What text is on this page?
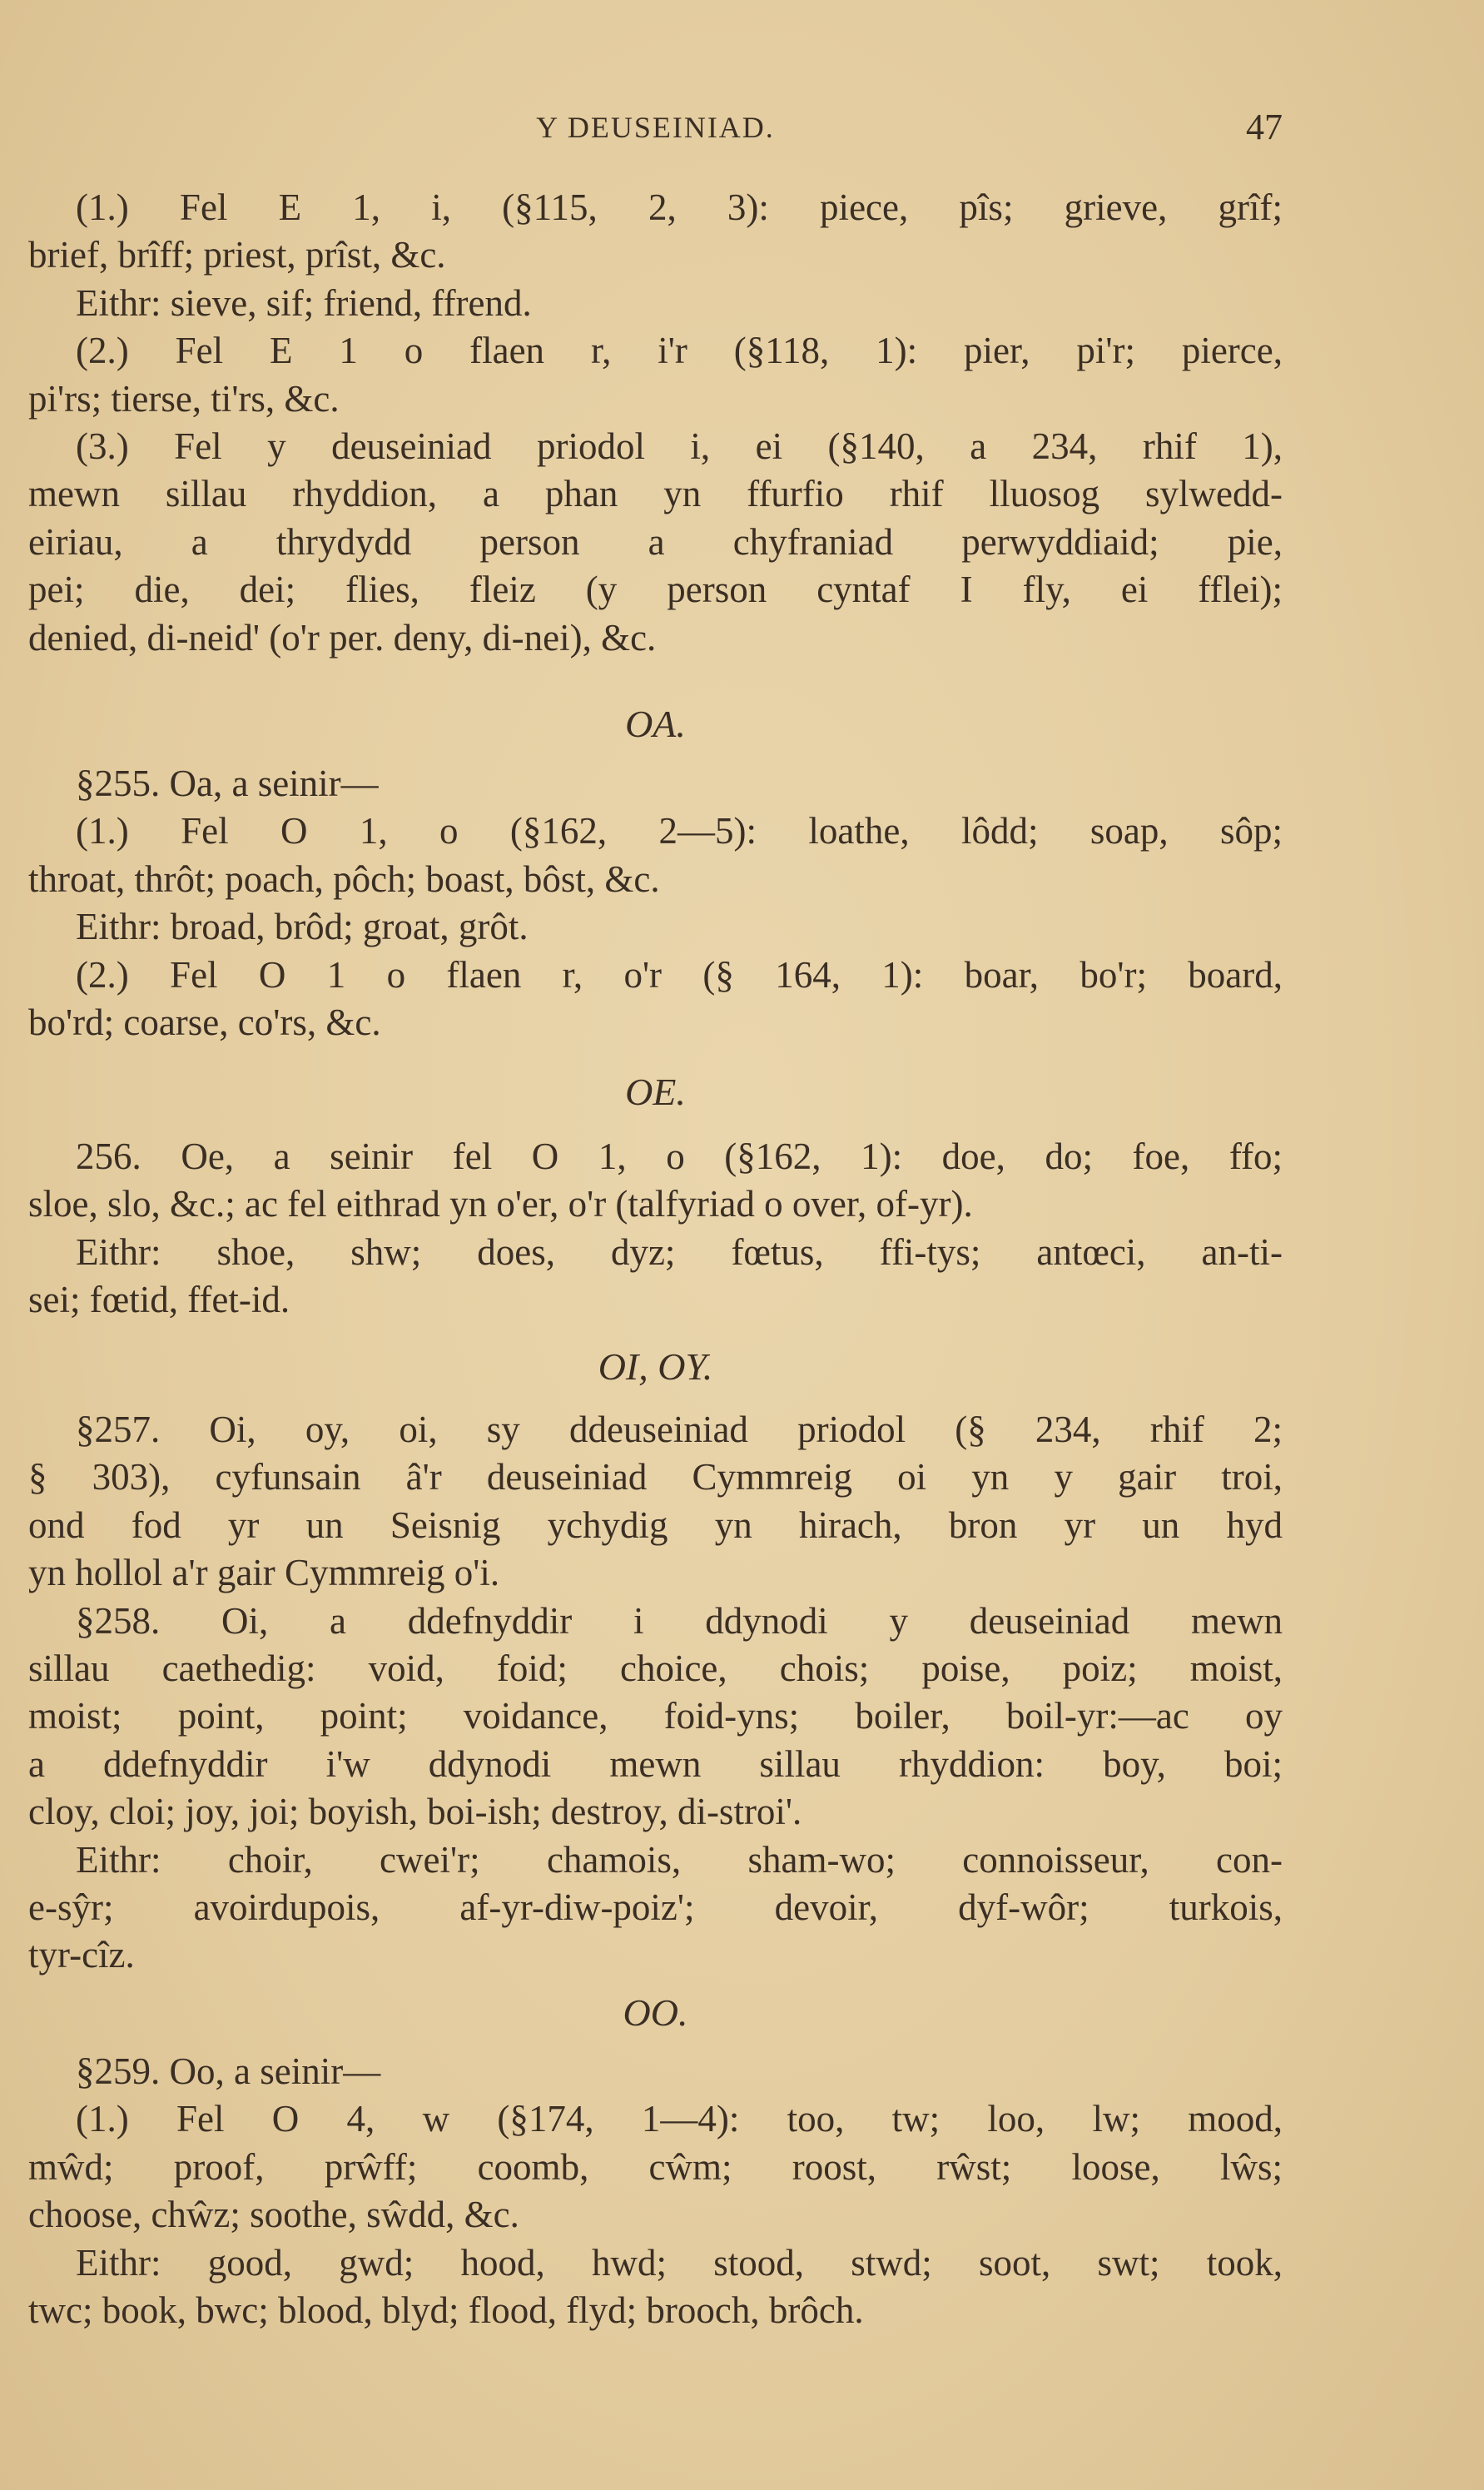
Y DEUSEINIAD.	47
(1.) Fel E 1, i, (§115, 2, 3): piece, pîs; grieve, grîf;
brief, brîff; priest, prîst, &c.
Eithr: sieve, sif; friend, ffrend.
(2.) Fel E 1 o flaen r, i'r (§118, 1): pier, pi'r; pierce,
pi'rs; tierse, ti'rs, &c.
(3.) Fel y deuseiniad priodol i, ei (§140, a 234, rhif 1),
mewn sillau rhyddion, a phan yn ffurfio rhif lluosog sylwedd-
eiriau, a thrydydd person a chyfraniad perwyddiaid; pie,
pei; die, dei; flies, fleiz (y person cyntaf I fly, ei fflei);
denied, di-neid' (o'r per. deny, di-nei), &c.
OA.
§255. Oa, a seinir—
(1.) Fel O 1, o (§162, 2—5): loathe, lôdd; soap, sôp;
throat, thrôt; poach, pôch; boast, bôst, &c.
Eithr: broad, brôd; groat, grôt.
(2.) Fel O 1 o flaen r, o'r (§ 164, 1): boar, bo'r; board,
bo'rd; coarse, co'rs, &c.
OE.
256. Oe, a seinir fel O 1, o (§162, 1): doe, do; foe, ffo;
sloe, slo, &c.; ac fel eithrad yn o'er, o'r (talfyriad o over, of-yr).
Eithr: shoe, shw; does, dyz; fœtus, ffi-tys; antœci, an-ti-
sei; fœtid, ffet-id.
OI, OY.
§257. Oi, oy, oi, sy ddeuseiniad priodol (§ 234, rhif 2;
§ 303), cyfunsain â'r deuseiniad Cymmreig oi yn y gair troi,
ond fod yr un Seisnig ychydig yn hirach, bron yr un hyd
yn hollol a'r gair Cymmreig o'i.
§258. Oi, a ddefnyddir i ddynodi y deuseiniad mewn
sillau caethedig: void, foid; choice, chois; poise, poiz; moist,
moist; point, point; voidance, foid-yns; boiler, boil-yr:—ac oy
a ddefnyddir i'w ddynodi mewn sillau rhyddion: boy, boi;
cloy, cloi; joy, joi; boyish, boi-ish; destroy, di-stroi'.
Eithr: choir, cwei'r; chamois, sham-wo; connoisseur, con-
e-sŷr; avoirdupois, af-yr-diw-poiz'; devoir, dyf-wôr; turkois,
tyr-cîz.
OO.
§259. Oo, a seinir—
(1.) Fel O 4, w (§174, 1—4): too, tw; loo, lw; mood,
mŵd; proof, prŵff; coomb, cŵm; roost, rŵst; loose, lŵs;
choose, chŵz; soothe, sŵdd, &c.
Eithr: good, gwd; hood, hwd; stood, stwd; soot, swt; took,
twc; book, bwc; blood, blyd; flood, flyd; brooch, brôch.
